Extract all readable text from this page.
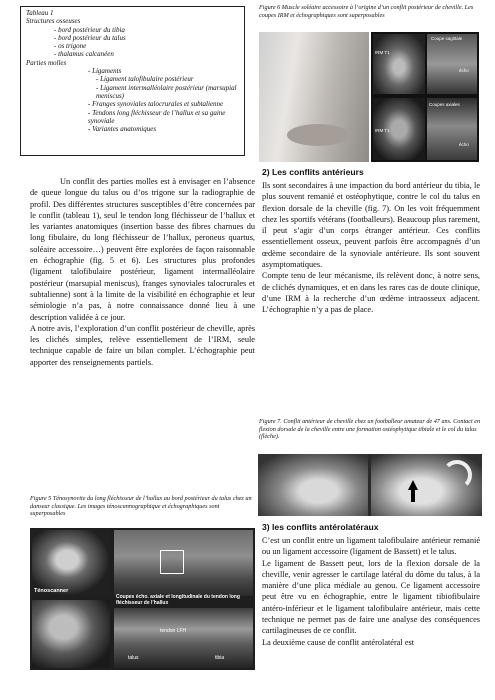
Tableau 1
Structures osseuses
- bord postérieur du tibia
- bord postérieur du talus
- os trigone
- thalamus calcanéen
Parties molles
- Ligaments
- Ligament talofibulaire postérieur
- Ligament intermalléolaire postérieur (marsupial meniscus)
- Franges synoviales talocrurales et subtalienne
- Tendons long fléchisseur de l’hallux et sa gaine synoviale
- Variantes anatomiques

Un conflit des parties molles est à envisager en l’absence de queue longue du talus ou d’os trigone sur la radiographie de profil. Des différentes structures susceptibles d’être concernées par le conflit (tableau 1), seul le tendon long fléchisseur de l’hallux et les variantes anatomiques (insertion basse des fibres charnues du long fibulaire, du long fléchisseur de l’hallux, peroneus quartus, soléaire accessoire…) peuvent être explorées de façon raisonnable en échographie (fig. 5 et 6). Les structures plus profondes (ligament talofibulaire postérieur, ligament intermalléolaire postérieur (marsupial meniscus), franges synoviales talocrurales et subtalienne) sont à la limite de la visibilité en échographie et leur sémiologie n’a pas, à notre connaissance donné lieu à une description validée à ce jour.

A notre avis, l’exploration d’un conflit postérieur de cheville, après les clichés simples, relève essentiellement de l’IRM, seule technique capable de faire un bilan complet. L’échographie peut apporter des renseignements partiels.

Figure 5 Ténosynovite du long fléchisseur de l’hallux au bord postérieur du talus chez un danseur classique. Les images ténoscannographique et échographiques sont superposables
Ténoscanner
Coupes écho. axiale et longitudinale du tendon long fléchisseur de l’hallux
tendon LFH
talus	tibia
Figure 6 Muscle soléaire accessoire à l’origine d’un conflit postérieur de cheville. Les coupes IRM et échographiques sont superposables
Coupe sagittale
IRM T1
écho
IRM T1
Coupes axiales
écho
2) Les conflits antérieurs

Ils sont secondaires à une impaction du bord antérieur du tibia, le plus souvent remanié et ostéophytique, contre le col du talus en flexion dorsale de la cheville (fig. 7). On les voit fréquemment chez les sportifs vétérans (footballeurs). Beaucoup plus rarement, il peut s’agir d’un corps étranger antérieur. Ces conflits essentiellement osseux, peuvent parfois être accompagnés d’un œdème secondaire de la synoviale antérieure. Ils sont souvent asymptomatiques.

Compte tenu de leur mécanisme, ils relèvent donc, à notre sens, de clichés dynamiques, et en dans les rares cas de doute clinique, d’une IRM à la recherche d’un œdème intraosseux adjacent. L’échographie n’y a pas de place.

Figure 7. Conflit antérieur de cheville chez un footballeur amateur de 47 ans. Contact en flexion dorsale de la cheville entre une formation ostéophytique tibiale et le col du talus (flèche).
3) les conflits antérolatéraux

C’est un conflit entre un ligament talofibulaire antérieur remanié ou un ligament accessoire (ligament de Bassett) et le talus.

Le ligament de Bassett peut, lors de la flexion dorsale de la cheville, venir agresser le cartilage latéral du dôme du talus, à la manière d’une plica médiale au genou. Ce ligament accessoire peut être vu en échographie, entre le ligament tibiofibulaire antéro-inférieur et le ligament talofibulaire antérieur, mais cette technique ne permet pas de faire une analyse des conséquences cartilagineuses de ce conflit.

La deuxième cause de conflit antérolatéral est
